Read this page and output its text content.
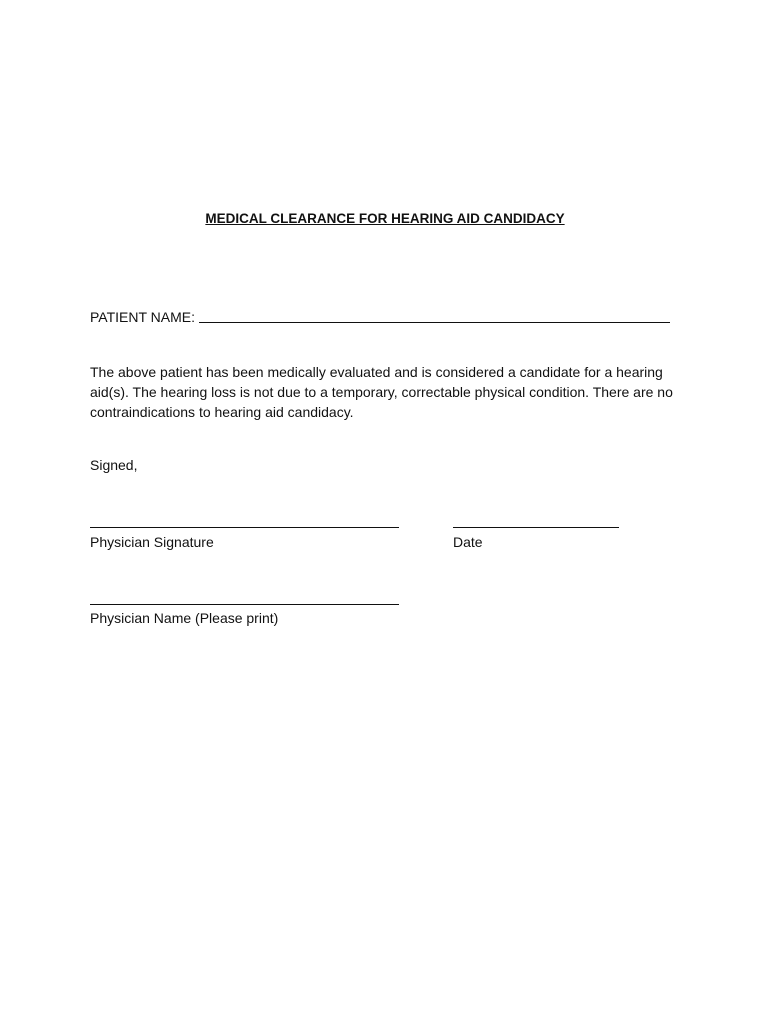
MEDICAL CLEARANCE FOR HEARING AID CANDIDACY
PATIENT NAME:
The above patient has been medically evaluated and is considered a candidate for a hearing
aid(s). The hearing loss is not due to a temporary, correctable physical condition. There are no
contraindications to hearing aid candidacy.
Signed,
Physician Signature	Date
Physician Name (Please print)
